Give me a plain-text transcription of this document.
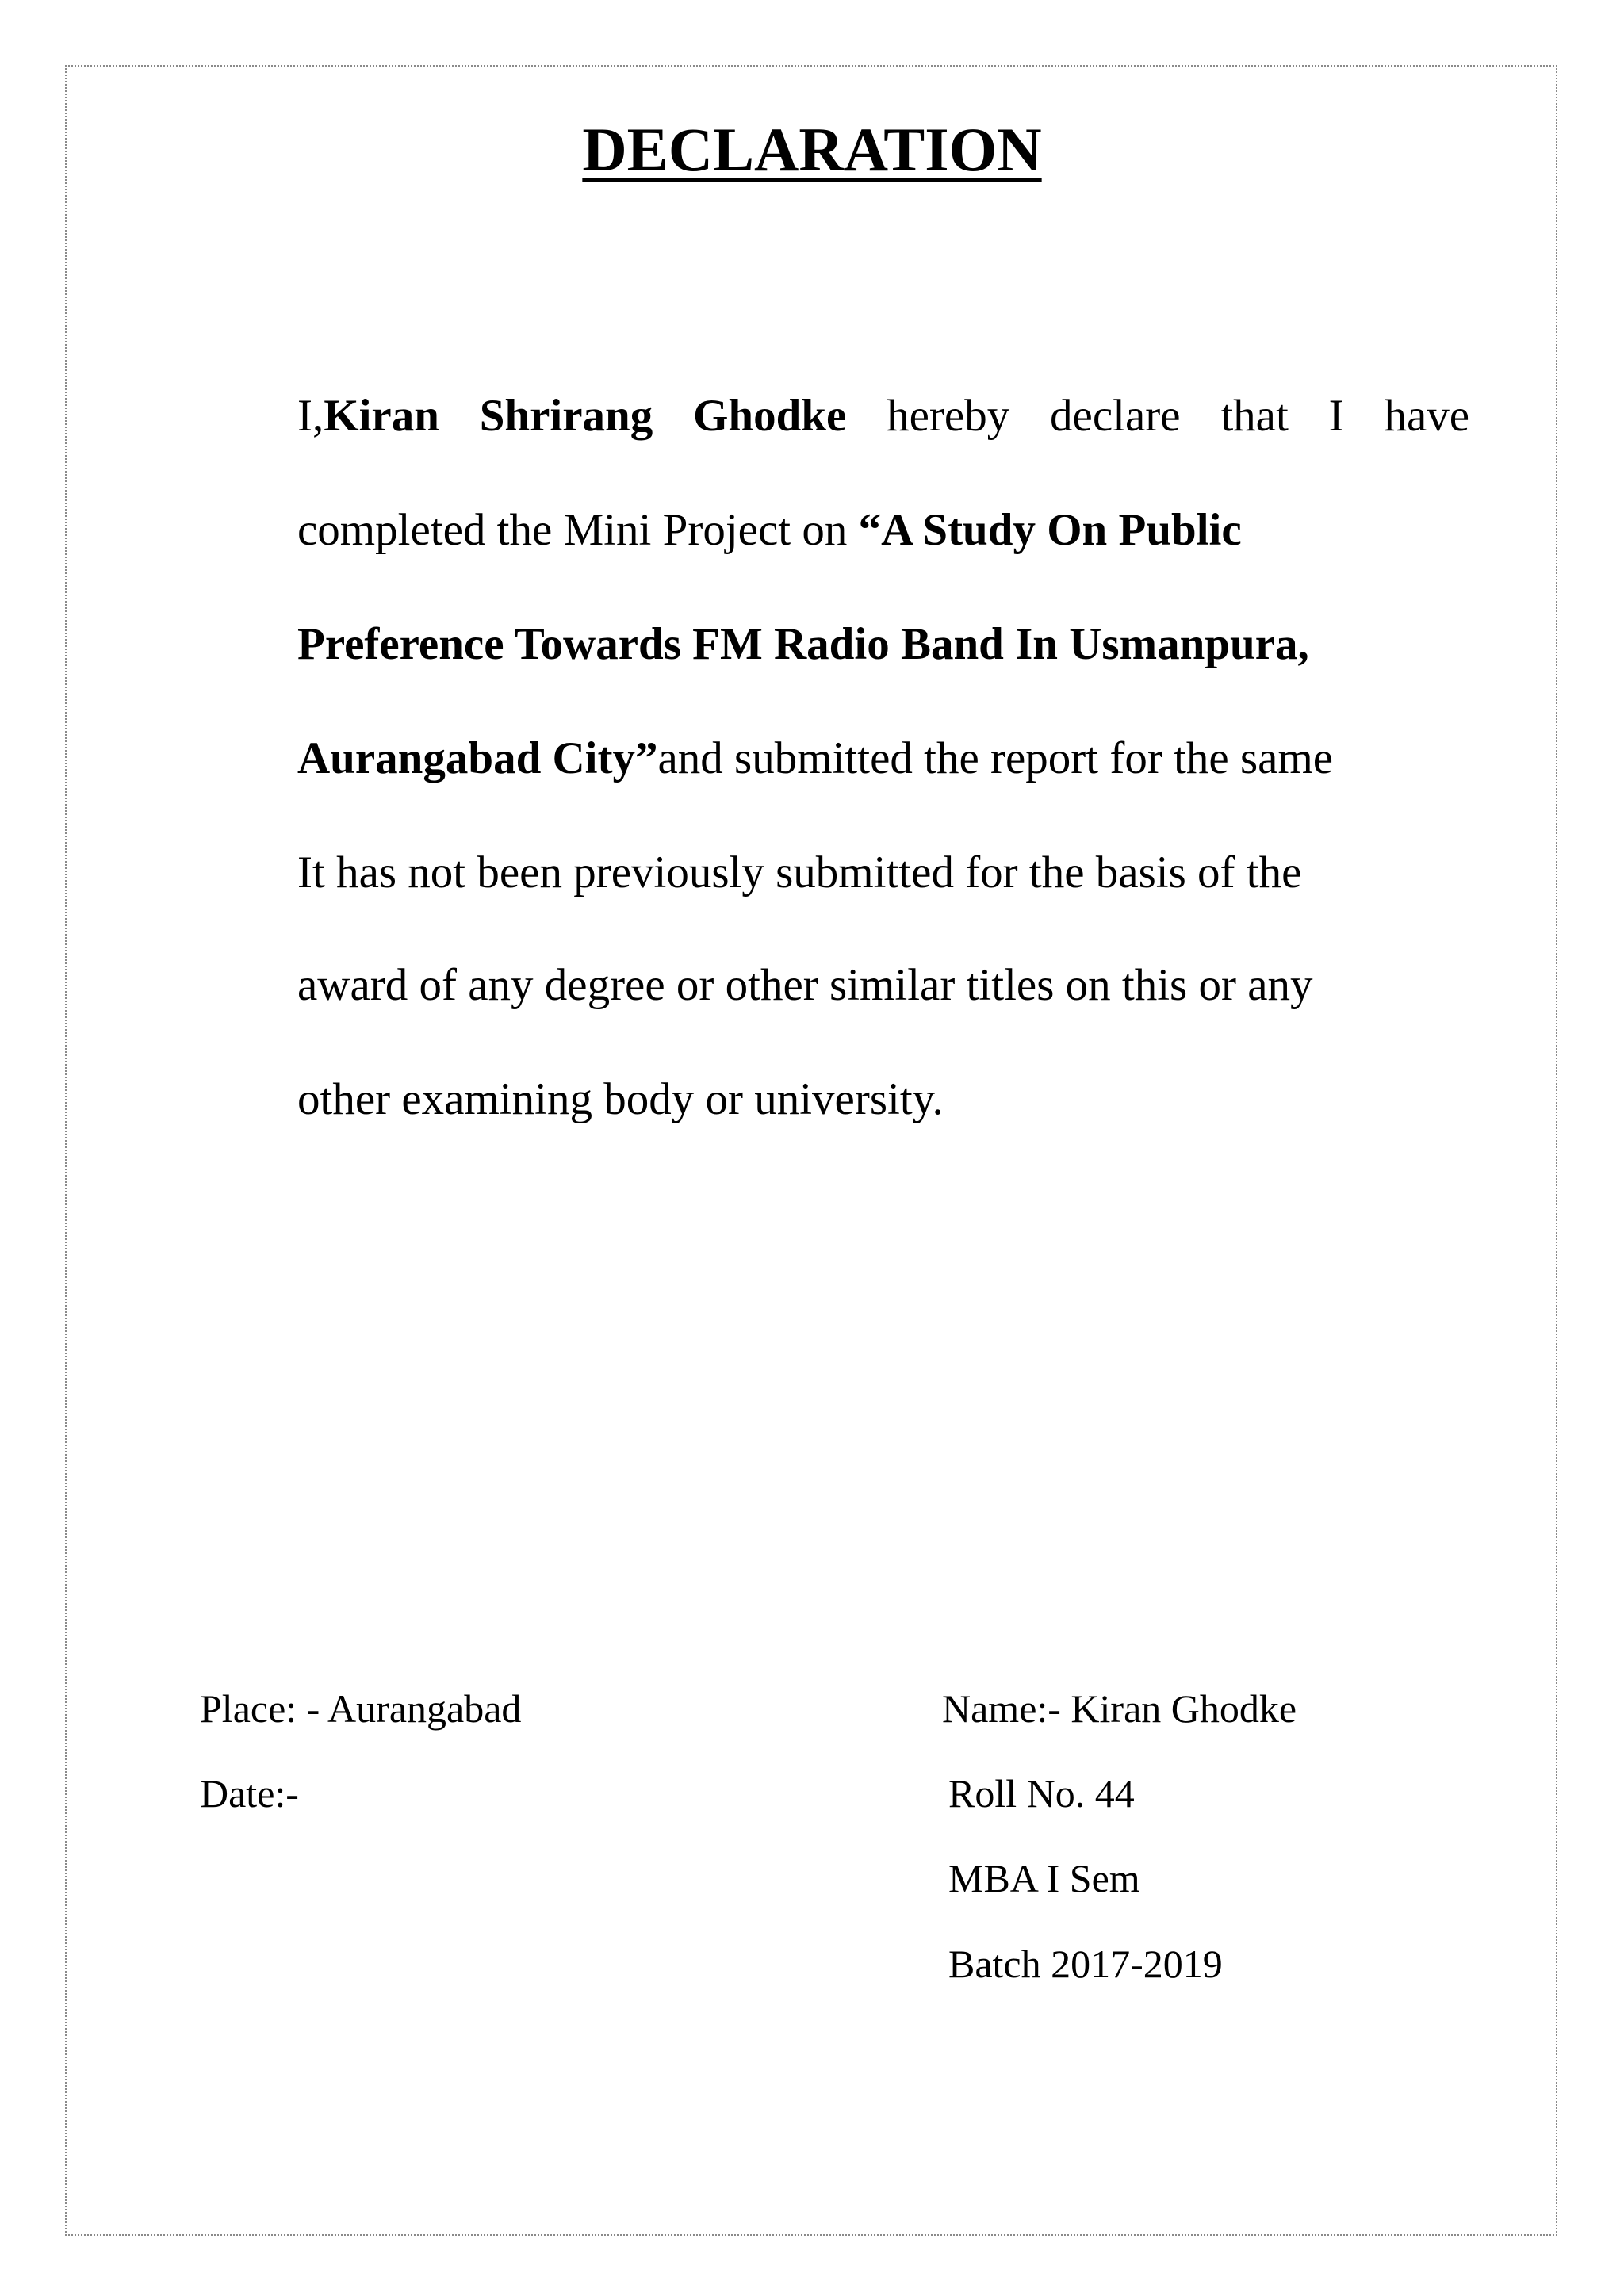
DECLARATION
I,Kiran Shrirang Ghodke hereby declare that I have
completed the Mini Project on “A Study On Public
Preference Towards FM Radio Band In Usmanpura,
Aurangabad City”and submitted the report for the same
It has not been previously submitted for the basis of the
award of any degree or other similar titles on this or any
other examining body or university.
Place: - Aurangabad
Date:-
Name:- Kiran Ghodke
Roll No. 44
MBA I Sem
Batch 2017-2019
